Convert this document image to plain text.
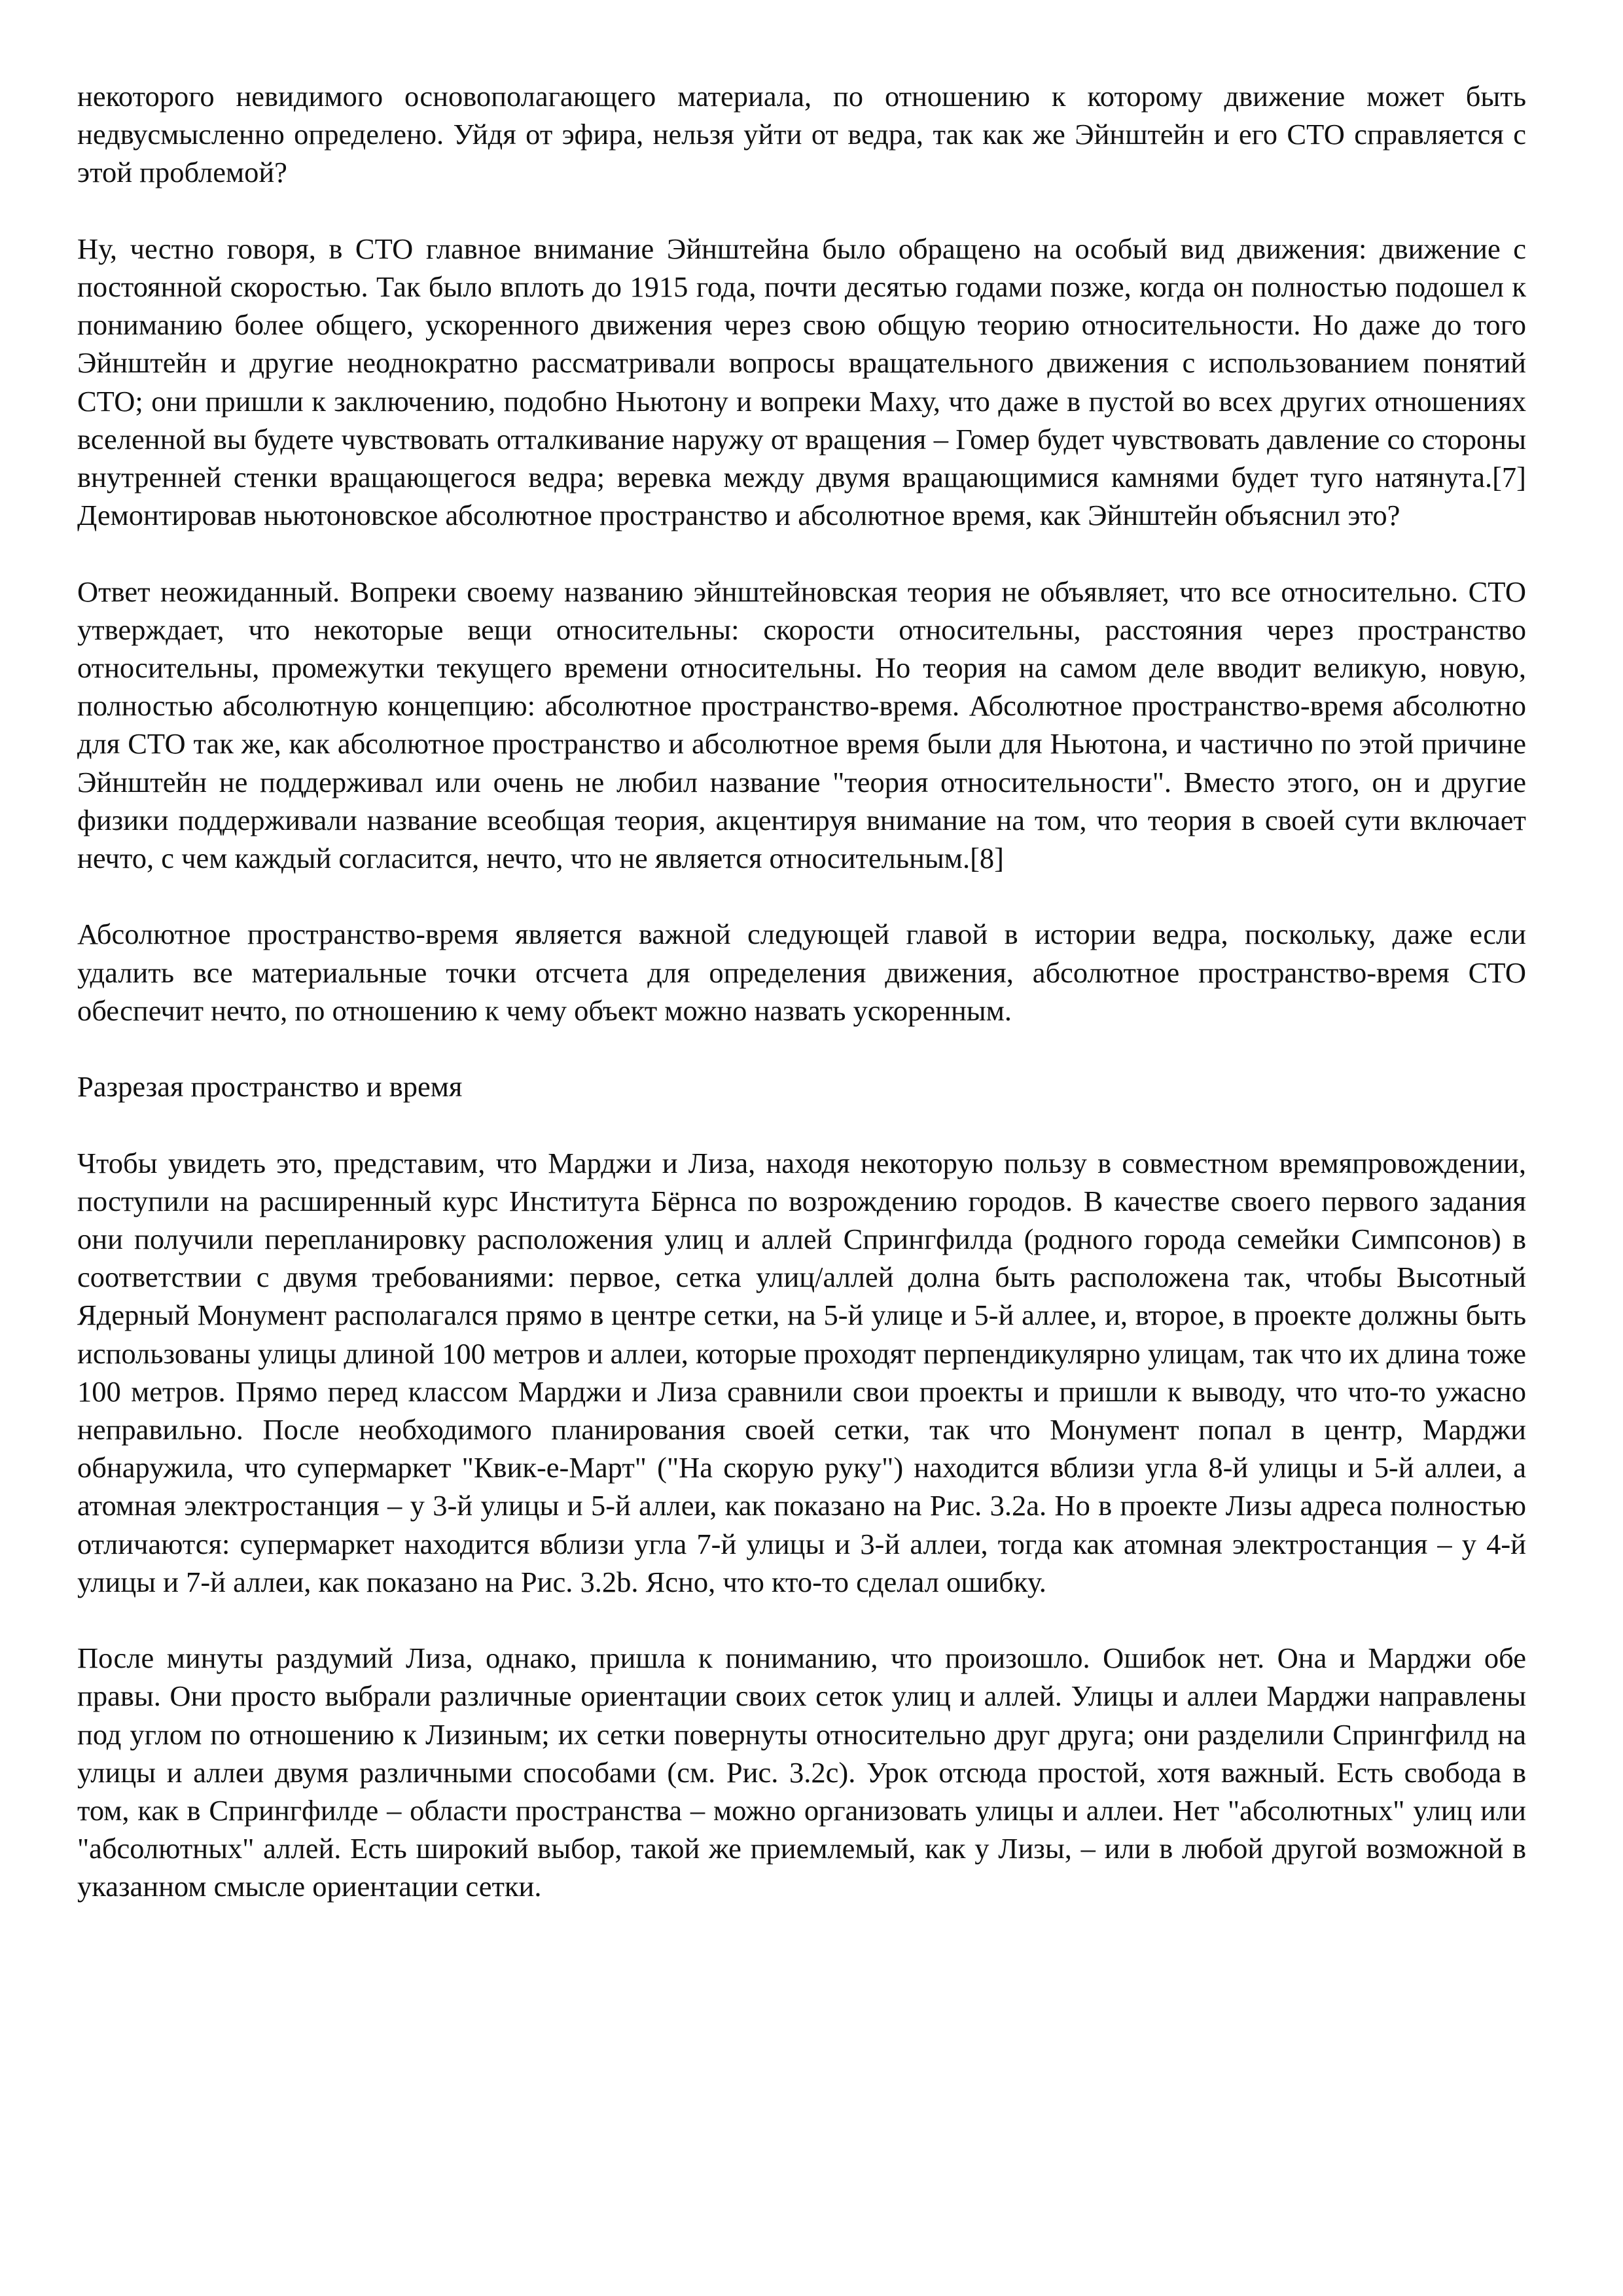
некоторого невидимого основополагающего материала, по отношению к которому движение может быть недвусмысленно определено. Уйдя от эфира, нельзя уйти от ведра, так как же Эйнштейн и его СТО справляется с этой проблемой?

Ну, честно говоря, в СТО главное внимание Эйнштейна было обращено на особый вид движения: движение с постоянной скоростью. Так было вплоть до 1915 года, почти десятью годами позже, когда он полностью подошел к пониманию более общего, ускоренного движения через свою общую теорию относительности. Но даже до того Эйнштейн и другие неоднократно рассматривали вопросы вращательного движения с использованием понятий СТО; они пришли к заключению, подобно Ньютону и вопреки Маху, что даже в пустой во всех других отношениях вселенной вы будете чувствовать отталкивание наружу от вращения – Гомер будет чувствовать давление со стороны внутренней стенки вращающегося ведра; веревка между двумя вращающимися камнями будет туго натянута.[7] Демонтировав ньютоновское абсолютное пространство и абсолютное время, как Эйнштейн объяснил это?

Ответ неожиданный. Вопреки своему названию эйнштейновская теория не объявляет, что все относительно. СТО утверждает, что некоторые вещи относительны: скорости относительны, расстояния через пространство относительны, промежутки текущего времени относительны. Но теория на самом деле вводит великую, новую, полностью абсолютную концепцию: абсолютное пространство-время. Абсолютное пространство-время абсолютно для СТО так же, как абсолютное пространство и абсолютное время были для Ньютона, и частично по этой причине Эйнштейн не поддерживал или очень не любил название "теория относительности". Вместо этого, он и другие физики поддерживали название всеобщая теория, акцентируя внимание на том, что теория в своей сути включает нечто, с чем каждый согласится, нечто, что не является относительным.[8]

Абсолютное пространство-время является важной следующей главой в истории ведра, поскольку, даже если удалить все материальные точки отсчета для определения движения, абсолютное пространство-время СТО обеспечит нечто, по отношению к чему объект можно назвать ускоренным.

Разрезая пространство и время

Чтобы увидеть это, представим, что Марджи и Лиза, находя некоторую пользу в совместном времяпровождении, поступили на расширенный курс Института Бёрнса по возрождению городов. В качестве своего первого задания они получили перепланировку расположения улиц и аллей Спрингфилда (родного города семейки Симпсонов) в соответствии с двумя требованиями: первое, сетка улиц/аллей долна быть расположена так, чтобы Высотный Ядерный Монумент располагался прямо в центре сетки, на 5-й улице и 5-й аллее, и, второе, в проекте должны быть использованы улицы длиной 100 метров и аллеи, которые проходят перпендикулярно улицам, так что их длина тоже 100 метров. Прямо перед классом Марджи и Лиза сравнили свои проекты и пришли к выводу, что что-то ужасно неправильно. После необходимого планирования своей сетки, так что Монумент попал в центр, Марджи обнаружила, что супермаркет "Квик-е-Март" ("На скорую руку") находится вблизи угла 8-й улицы и 5-й аллеи, а атомная электростанция – у 3-й улицы и 5-й аллеи, как показано на Рис. 3.2a. Но в проекте Лизы адреса полностью отличаются: супермаркет находится вблизи угла 7-й улицы и 3-й аллеи, тогда как атомная электростанция – у 4-й улицы и 7-й аллеи, как показано на Рис. 3.2b. Ясно, что кто-то сделал ошибку.

После минуты раздумий Лиза, однако, пришла к пониманию, что произошло. Ошибок нет. Она и Марджи обе правы. Они просто выбрали различные ориентации своих сеток улиц и аллей. Улицы и аллеи Марджи направлены под углом по отношению к Лизиным; их сетки повернуты относительно друг друга; они разделили Спрингфилд на улицы и аллеи двумя различными способами (см. Рис. 3.2c). Урок отсюда простой, хотя важный. Есть свобода в том, как в Спрингфилде – области пространства – можно организовать улицы и аллеи. Нет "абсолютных" улиц или "абсолютных" аллей. Есть широкий выбор, такой же приемлемый, как у Лизы, – или в любой другой возможной в указанном смысле ориентации сетки.
